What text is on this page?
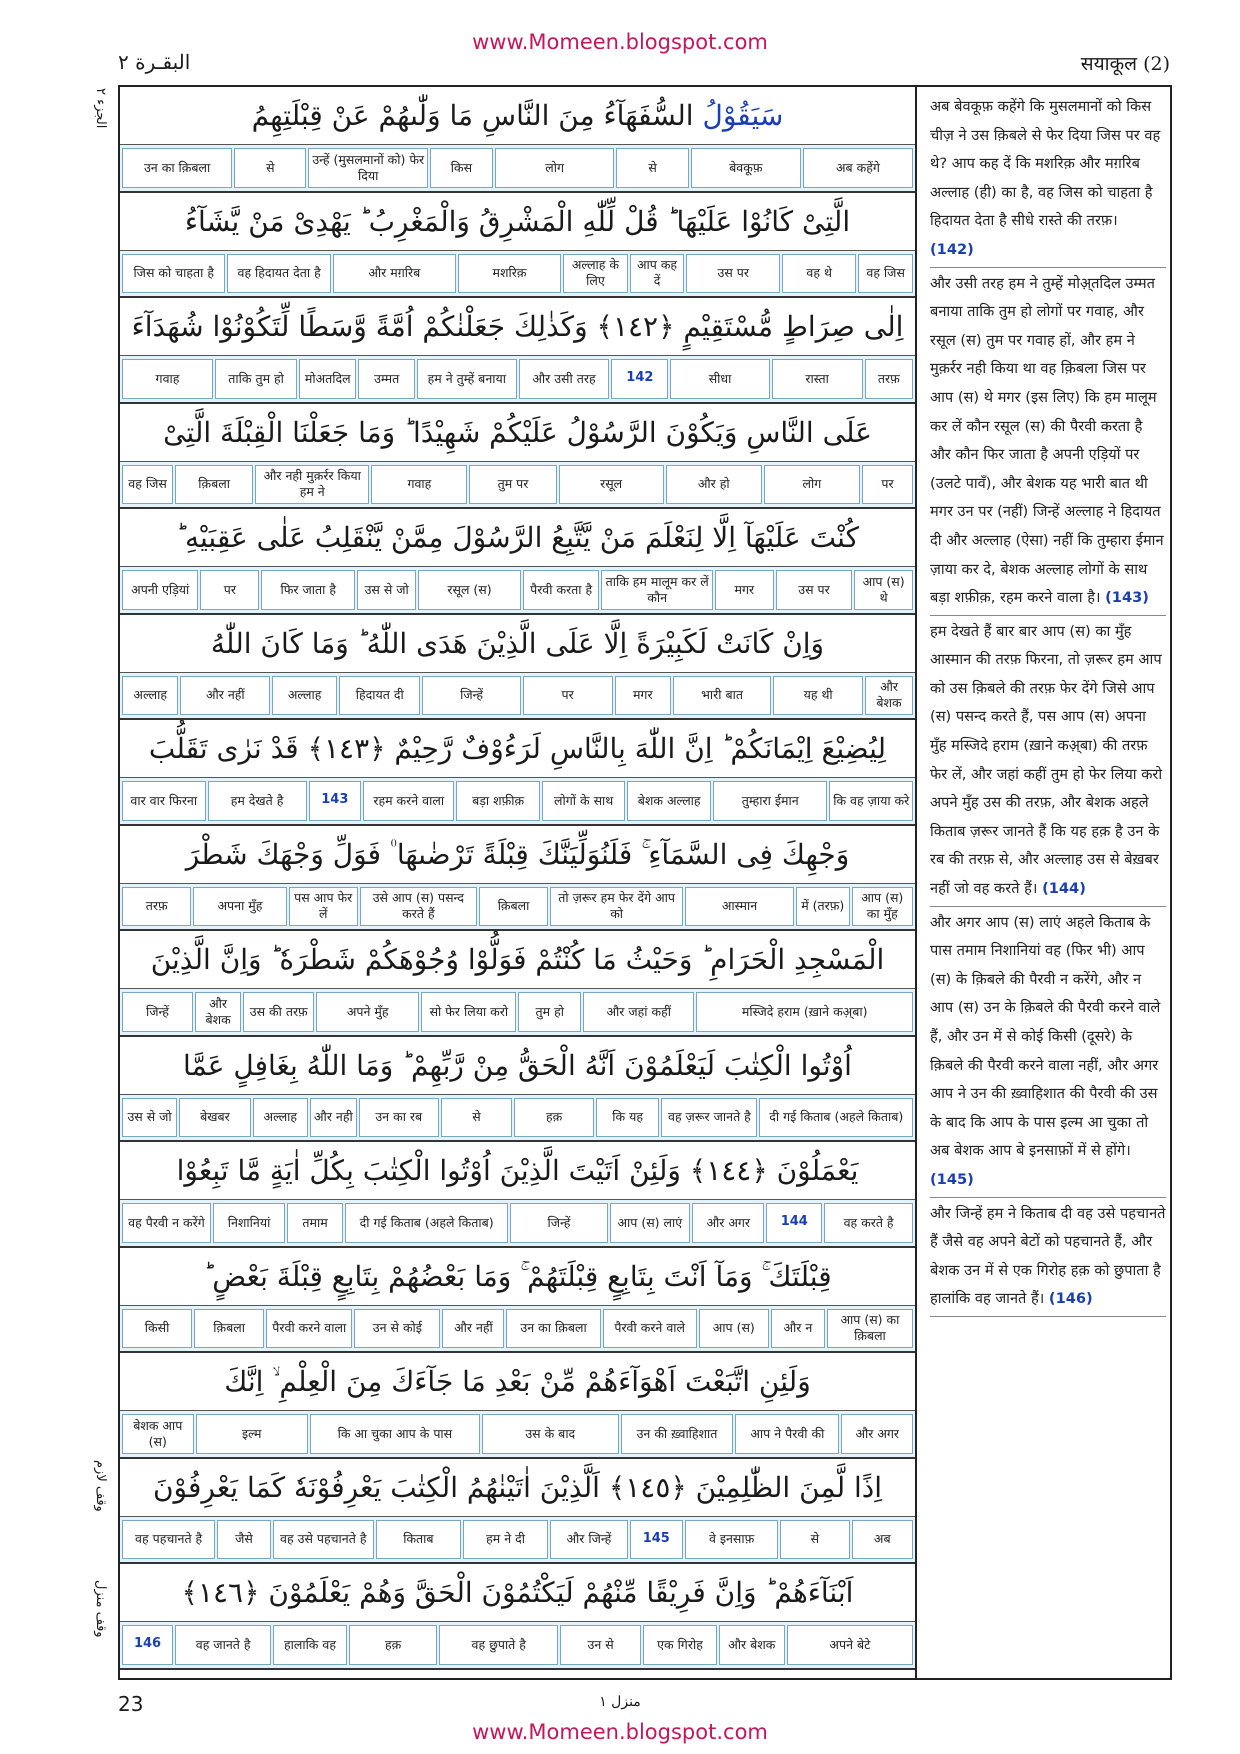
www.Momeen.blogspot.com
البقـرة ٢	सयाकूल (2)
الجزء ٢
وقف لازم
وقف منزل
سَيَقُوْلُ السُّفَهَآءُ مِنَ النَّاسِ مَا وَلّٰىهُمْ عَنْ قِبْلَتِهِمُ
अब कहेंगे
बेवकूफ़
से
लोग
किस
उन्हें (मुसलमानों को) फेर दिया
से
उन का क़िबला
الَّتِىْ كَانُوْا عَلَيْهَا ؕ قُلْ لِّلّٰهِ الْمَشْرِقُ وَالْمَغْرِبُ ؕ يَهْدِىْ مَنْ يَّشَآءُ
वह जिस
वह थे
उस पर
आप कह दें
अल्लाह के लिए
मशरिक़
और मग़रिब
वह हिदायत देता है
जिस को चाहता है
اِلٰى صِرَاطٍ مُّسْتَقِيْمٍ ﴿١٤٢﴾ وَكَذٰلِكَ جَعَلْنٰكُمْ اُمَّةً وَّسَطًا لِّتَكُوْنُوْا شُهَدَآءَ
तरफ़
रास्ता
सीधा
142
और उसी तरह
हम ने तुम्हें बनाया
उम्मत
मोअतदिल
ताकि तुम हो
गवाह
عَلَى النَّاسِ وَيَكُوْنَ الرَّسُوْلُ عَلَيْكُمْ شَهِيْدًا ؕ وَمَا جَعَلْنَا الْقِبْلَةَ الَّتِىْ
पर
लोग
और हो
रसूल
तुम पर
गवाह
और नही मुक़र्रर किया हम ने
क़िबला
वह जिस
كُنْتَ عَلَيْهَآ اِلَّا لِنَعْلَمَ مَنْ يَّتَّبِعُ الرَّسُوْلَ مِمَّنْ يَّنْقَلِبُ عَلٰى عَقِبَيْهِ ؕ
आप (स) थे
उस पर
मगर
ताकि हम मालूम कर लें कौन
पैरवी करता है
रसूल (स)
उस से जो
फिर जाता है
पर
अपनी एड़ियां
وَاِنْ كَانَتْ لَكَبِيْرَةً اِلَّا عَلَى الَّذِيْنَ هَدَى اللّٰهُ ؕ وَمَا كَانَ اللّٰهُ
और बेशक
यह थी
भारी बात
मगर
पर
जिन्हें
हिदायत दी
अल्लाह
और नहीं
अल्लाह
لِيُضِيْعَ اِيْمَانَكُمْ ؕ اِنَّ اللّٰهَ بِالنَّاسِ لَرَءُوْفٌ رَّحِيْمٌ ﴿١٤٣﴾ قَدْ نَرٰى تَقَلُّبَ
कि वह ज़ाया करे
तुम्हारा ईमान
बेशक अल्लाह
लोगों के साथ
बड़ा शफ़ीक़
रहम करने वाला
143
हम देखते है
वार वार फिरना
وَجْهِكَ فِى السَّمَآءِ ۚ فَلَنُوَلِّيَنَّكَ قِبْلَةً تَرْضٰىهَا ۠ فَوَلِّ وَجْهَكَ شَطْرَ
आप (स) का मुँह
में (तरफ़)
आस्मान
तो ज़रूर हम फेर देंगे आप को
क़िबला
उसे आप (स) पसन्द करते हैं
पस आप फेर लें
अपना मुँह
तरफ़
الْمَسْجِدِ الْحَرَامِ ؕ وَحَيْثُ مَا كُنْتُمْ فَوَلُّوْا وُجُوْهَكُمْ شَطْرَهٗ ؕ وَاِنَّ الَّذِيْنَ
मस्जिदे हराम (ख़ाने कअ़्बा)
और जहां कहीं
तुम हो
सो फेर लिया करो
अपने मुँह
उस की तरफ़
और बेशक
जिन्हें
اُوْتُوا الْكِتٰبَ لَيَعْلَمُوْنَ اَنَّهُ الْحَقُّ مِنْ رَّبِّهِمْ ؕ وَمَا اللّٰهُ بِغَافِلٍ عَمَّا
दी गई किताब (अहले किताब)
वह ज़रूर जानते है
कि यह
हक़
से
उन का रब
और नही
अल्लाह
बेखबर
उस से जो
يَعْمَلُوْنَ ﴿١٤٤﴾ وَلَئِنْ اَتَيْتَ الَّذِيْنَ اُوْتُوا الْكِتٰبَ بِكُلِّ اٰيَةٍ مَّا تَبِعُوْا
वह करते है
144
और अगर
आप (स) लाएं
जिन्हें
दी गई किताब (अहले किताब)
तमाम
निशानियां
वह पैरवी न करेंगे
قِبْلَتَكَ ۚ وَمَآ اَنْتَ بِتَابِعٍ قِبْلَتَهُمْ ۚ وَمَا بَعْضُهُمْ بِتَابِعٍ قِبْلَةَ بَعْضٍ ؕ
आप (स) का क़िबला
और न
आप (स)
पैरवी करने वाले
उन का क़िबला
और नहीं
उन से कोई
पैरवी करने वाला
क़िबला
किसी
وَلَئِنِ اتَّبَعْتَ اَهْوَآءَهُمْ مِّنْ بَعْدِ مَا جَآءَكَ مِنَ الْعِلْمِ ۙ اِنَّكَ
और अगर
आप ने पैरवी की
उन की ख़्वाहिशात
उस के बाद
कि आ चुका आप के पास
इल्म
बेशक आप (स)
اِذًا لَّمِنَ الظّٰلِمِيْنَ ﴿١٤٥﴾ اَلَّذِيْنَ اٰتَيْنٰهُمُ الْكِتٰبَ يَعْرِفُوْنَهٗ كَمَا يَعْرِفُوْنَ
अब
से
वे इनसाफ़
145
और जिन्हें
हम ने दी
किताब
वह उसे पहचानते है
जैसे
वह पहचानते है
اَبْنَآءَهُمْ ؕ وَاِنَّ فَرِيْقًا مِّنْهُمْ لَيَكْتُمُوْنَ الْحَقَّ وَهُمْ يَعْلَمُوْنَ ﴿١٤٦﴾
अपने बेटे
और बेशक
एक गिरोह
उन से
वह छुपाते है
हक़
हालाकि वह
वह जानते है
146

अब बेवकूफ़ कहेंगे कि मुसलमानों को किस चीज़ ने उस क़िबले से फेर दिया जिस पर वह थे? आप कह दें कि मशरिक़ और मग़रिब अल्लाह (ही) का है, वह जिस को चाहता है हिदायत देता है सीधे रास्ते की तरफ़। (142)

और उसी तरह हम ने तुम्हें मोअ़्तदिल उम्मत बनाया ताकि तुम हो लोगों पर गवाह, और रसूल (स) तुम पर गवाह हों, और हम ने मुक़र्रर नही किया था वह क़िबला जिस पर आप (स) थे मगर (इस लिए) कि हम मालूम कर लें कौन रसूल (स) की पैरवी करता है और कौन फिर जाता है अपनी एड़ियों पर (उलटे पावँ), और बेशक यह भारी बात थी मगर उन पर (नहीं) जिन्हें अल्लाह ने हिदायत दी और अल्लाह (ऐसा) नहीं कि तुम्हारा ईमान ज़ाया कर दे, बेशक अल्लाह लोगों के साथ बड़ा शफ़ीक़, रहम करने वाला है। (143)

हम देखते हैं बार बार आप (स) का मुँह आस्मान की तरफ़ फिरना, तो ज़रूर हम आप को उस क़िबले की तरफ़ फेर देंगे जिसे आप (स) पसन्द करते हैं, पस आप (स) अपना मुँह मस्जिदे हराम (ख़ाने कअ़्बा) की तरफ़ फेर लें, और जहां कहीं तुम हो फेर लिया करो अपने मुँह उस की तरफ़, और बेशक अहले किताब ज़रूर जानते हैं कि यह हक़ है उन के रब की तरफ़ से, और अल्लाह उस से बेख़बर नहीं जो वह करते हैं। (144)

और अगर आप (स) लाएं अहले किताब के पास तमाम निशानियां वह (फिर भी) आप (स) के क़िबले की पैरवी न करेंगे, और न आप (स) उन के क़िबले की पैरवी करने वाले हैं, और उन में से कोई किसी (दूसरे) के क़िबले की पैरवी करने वाला नहीं, और अगर आप ने उन की ख़्वाहिशात की पैरवी की उस के बाद कि आप के पास इल्म आ चुका तो अब बेशक आप बे इनसाफ़ों में से होंगे। (145)

और जिन्हें हम ने किताब दी वह उसे पहचानते हैं जैसे वह अपने बेटों को पहचानते हैं, और बेशक उन में से एक गिरोह हक़ को छुपाता है हालांकि वह जानते हैं। (146)

23	منزل ١
www.Momeen.blogspot.com
